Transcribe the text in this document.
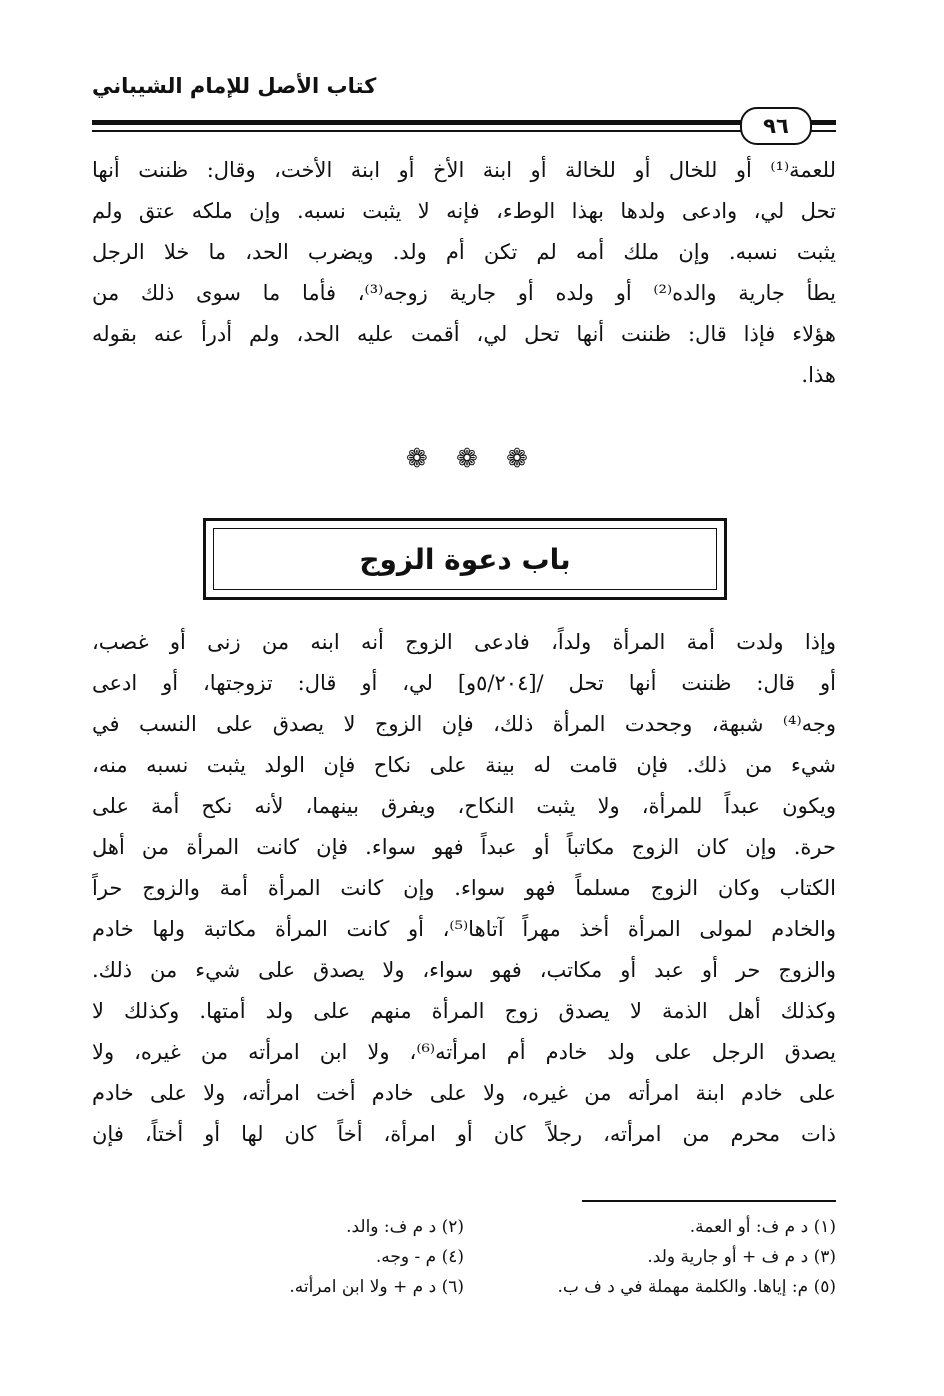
كتاب الأصل للإمام الشيباني
٩٦
للعمة⁽¹⁾ أو للخال أو للخالة أو ابنة الأخ أو ابنة الأخت، وقال: ظننت أنها
تحل لي، وادعى ولدها بهذا الوطء، فإنه لا يثبت نسبه. وإن ملكه عتق ولم
يثبت نسبه. وإن ملك أمه لم تكن أم ولد. ويضرب الحد، ما خلا الرجل
يطأ جارية والده⁽²⁾ أو ولده أو جارية زوجه⁽³⁾، فأما ما سوى ذلك من
هؤلاء فإذا قال: ظننت أنها تحل لي، أقمت عليه الحد، ولم أدرأ عنه بقوله
هذا.
❁ ❁ ❁
باب دعوة الزوج
وإذا ولدت أمة المرأة ولداً، فادعى الزوج أنه ابنه من زنى أو غصب،
أو قال: ظننت أنها تحل /[٥/٢٠٤و] لي، أو قال: تزوجتها، أو ادعى
وجه⁽⁴⁾ شبهة، وجحدت المرأة ذلك، فإن الزوج لا يصدق على النسب في
شيء من ذلك. فإن قامت له بينة على نكاح فإن الولد يثبت نسبه منه،
ويكون عبداً للمرأة، ولا يثبت النكاح، ويفرق بينهما، لأنه نكح أمة على
حرة. وإن كان الزوج مكاتباً أو عبداً فهو سواء. فإن كانت المرأة من أهل
الكتاب وكان الزوج مسلماً فهو سواء. وإن كانت المرأة أمة والزوج حراً
والخادم لمولى المرأة أخذ مهراً آتاها⁽⁵⁾، أو كانت المرأة مكاتبة ولها خادم
والزوج حر أو عبد أو مكاتب، فهو سواء، ولا يصدق على شيء من ذلك.
وكذلك أهل الذمة لا يصدق زوج المرأة منهم على ولد أمتها. وكذلك لا
يصدق الرجل على ولد خادم أم امرأته⁽⁶⁾، ولا ابن امرأته من غيره، ولا
على خادم ابنة امرأته من غيره، ولا على خادم أخت امرأته، ولا على خادم
ذات محرم من امرأته، رجلاً كان أو امرأة، أخاً كان لها أو أختاً، فإن
(١) د م ف: أو العمة.
(٢) د م ف: والد.
(٣) د م ف + أو جارية ولد.
(٤) م - وجه.
(٥) م: إياها. والكلمة مهملة في د ف ب.
(٦) د م + ولا ابن امرأته.
